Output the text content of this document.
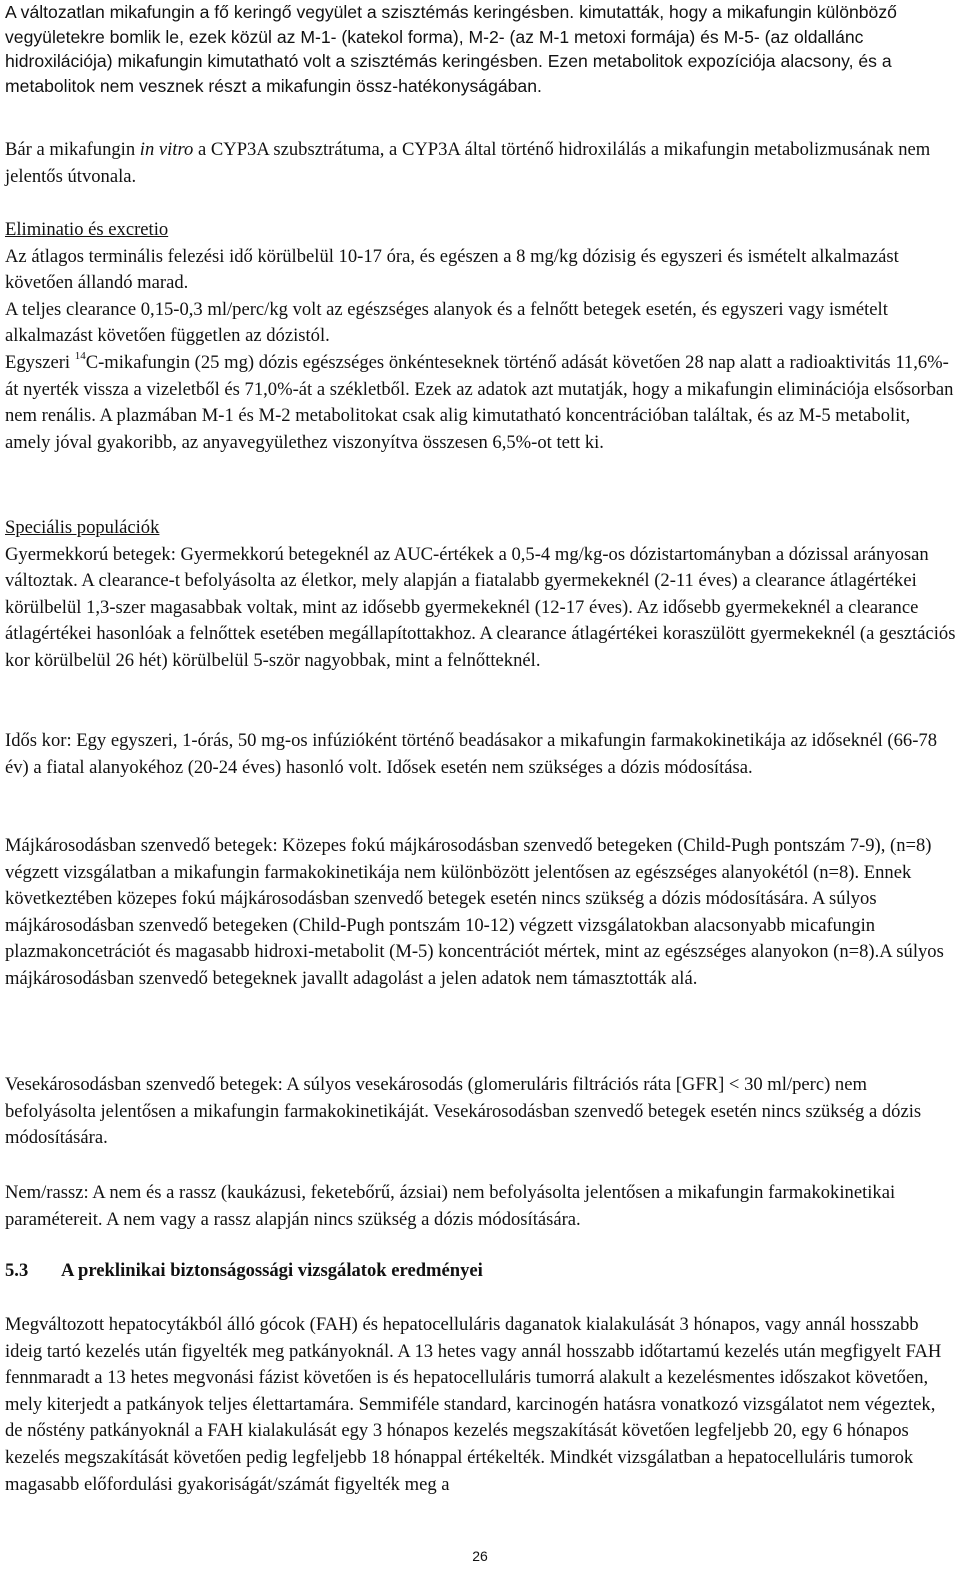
A változatlan mikafungin a fő keringő vegyület a szisztémás keringésben. kimutatták, hogy a mikafungin különböző vegyületekre bomlik le, ezek közül az M-1- (katekol forma), M-2- (az M-1 metoxi formája) és M-5- (az oldallánc hidroxilációja) mikafungin kimutatható volt a szisztémás keringésben. Ezen metabolitok expozíciója alacsony, és a metabolitok nem vesznek részt a mikafungin össz-hatékonyságában.

Bár a mikafungin in vitro a CYP3A szubsztrátuma, a CYP3A által történő hidroxilálás a mikafungin metabolizmusának nem jelentős útvonala.

Eliminatio és excretio

Az átlagos terminális felezési idő körülbelül 10-17 óra, és egészen a 8 mg/kg dózisig és egyszeri és ismételt alkalmazást követően állandó marad.

A teljes clearance 0,15-0,3 ml/perc/kg volt az egészséges alanyok és a felnőtt betegek esetén, és egyszeri vagy ismételt alkalmazást követően független az dózistól.

Egyszeri $^{14}$C-mikafungin (25 mg) dózis egészséges önkénteseknek történő adását követően 28 nap alatt a radioaktivitás 11,6%-át nyerték vissza a vizeletből és 71,0%-át a székletből. Ezek az adatok azt mutatják, hogy a mikafungin eliminációja elsősorban nem renális. A plazmában M-1 és M-2 metabolitokat csak alig kimutatható koncentrációban találtak, és az M-5 metabolit, amely jóval gyakoribb, az anyavegyülethez viszonyítva összesen 6,5%-ot tett ki.

Speciális populációk

Gyermekkorú betegek: Gyermekkorú betegeknél az AUC-értékek a 0,5-4 mg/kg-os dózistartományban a dózissal arányosan változtak. A clearance-t befolyásolta az életkor, mely alapján a fiatalabb gyermekeknél (2-11 éves) a clearance átlagértékei körülbelül 1,3-szer magasabbak voltak, mint az idősebb gyermekeknél (12-17 éves). Az idősebb gyermekeknél a clearance átlagértékei hasonlóak a felnőttek esetében megállapítottakhoz. A clearance átlagértékei koraszülött gyermekeknél (a gesztációs kor körülbelül 26 hét) körülbelül 5-ször nagyobbak, mint a felnőtteknél.

Idős kor: Egy egyszeri, 1-órás, 50 mg-os infúzióként történő beadásakor a mikafungin farmakokinetikája az időseknél (66-78 év) a fiatal alanyokéhoz (20-24 éves) hasonló volt. Idősek esetén nem szükséges a dózis módosítása.

Májkárosodásban szenvedő betegek: Közepes fokú májkárosodásban szenvedő betegeken (Child-Pugh pontszám 7-9), (n=8) végzett vizsgálatban a mikafungin farmakokinetikája nem különbözött jelentősen az egészséges alanyokétól (n=8). Ennek következtében közepes fokú májkárosodásban szenvedő betegek esetén nincs szükség a dózis módosítására. A súlyos májkárosodásban szenvedő betegeken (Child-Pugh pontszám 10-12) végzett vizsgálatokban alacsonyabb micafungin plazmakoncetrációt és magasabb hidroxi-metabolit (M-5) koncentrációt mértek, mint az egészséges alanyokon (n=8).A súlyos májkárosodásban szenvedő betegeknek javallt adagolást a jelen adatok nem támasztották alá.

Vesekárosodásban szenvedő betegek: A súlyos vesekárosodás (glomeruláris filtrációs ráta [GFR] < 30 ml/perc) nem befolyásolta jelentősen a mikafungin farmakokinetikáját. Vesekárosodásban szenvedő betegek esetén nincs szükség a dózis módosítására.

Nem/rassz: A nem és a rassz (kaukázusi, feketebőrű, ázsiai) nem befolyásolta jelentősen a mikafungin farmakokinetikai paramétereit. A nem vagy a rassz alapján nincs szükség a dózis módosítására.

5.3 A preklinikai biztonságossági vizsgálatok eredményei

Megváltozott hepatocytákból álló gócok (FAH) és hepatocelluláris daganatok kialakulását 3 hónapos, vagy annál hosszabb ideig tartó kezelés után figyelték meg patkányoknál. A 13 hetes vagy annál hosszabb időtartamú kezelés után megfigyelt FAH fennmaradt a 13 hetes megvonási fázist követően is és hepatocelluláris tumorrá alakult a kezelésmentes időszakot követően, mely kiterjedt a patkányok teljes élettartamára. Semmiféle standard, karcinogén hatásra vonatkozó vizsgálatot nem végeztek, de nőstény patkányoknál a FAH kialakulását egy 3 hónapos kezelés megszakítását követően legfeljebb 20, egy 6 hónapos kezelés megszakítását követően pedig legfeljebb 18 hónappal értékelték. Mindkét vizsgálatban a hepatocelluláris tumorok magasabb előfordulási gyakoriságát/számát figyelték meg a

26
